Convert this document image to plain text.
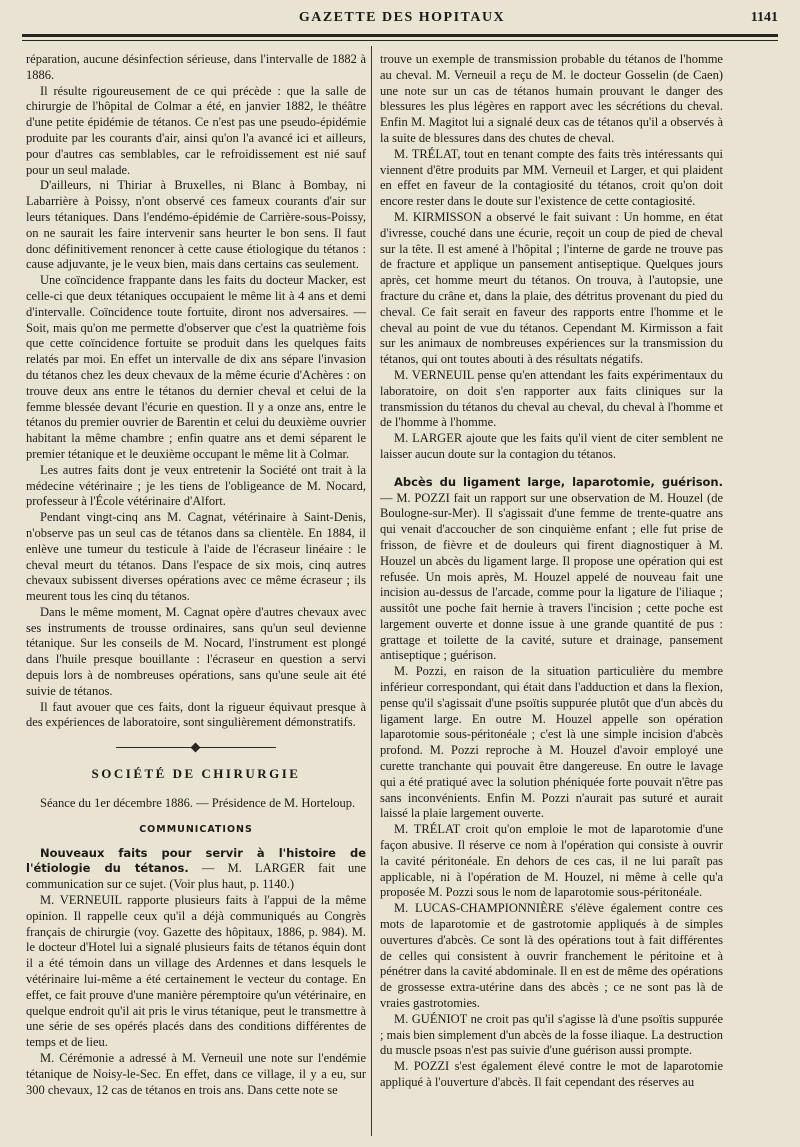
GAZETTE DES HOPITAUX	1141

réparation, aucune désinfection sérieuse, dans l'intervalle de 1882 à 1886.

Il résulte rigoureusement de ce qui précède : que la salle de chirurgie de l'hôpital de Colmar a été, en janvier 1882, le théâtre d'une petite épidémie de tétanos. Ce n'est pas une pseudo-épidémie produite par les courants d'air, ainsi qu'on l'a avancé ici et ailleurs, pour d'autres cas semblables, car le refroidissement est nié sauf pour un seul malade.

D'ailleurs, ni Thiriar à Bruxelles, ni Blanc à Bombay, ni Labarrière à Poissy, n'ont observé ces fameux courants d'air sur leurs tétaniques. Dans l'endémo-épidémie de Carrière-sous-Poissy, on ne saurait les faire intervenir sans heurter le bon sens. Il faut donc définitivement renoncer à cette cause étiologique du tétanos : cause adjuvante, je le veux bien, mais dans certains cas seulement.

Une coïncidence frappante dans les faits du docteur Macker, est celle-ci que deux tétaniques occupaient le même lit à 4 ans et demi d'intervalle. Coïncidence toute fortuite, diront nos adversaires. — Soit, mais qu'on me permette d'observer que c'est la quatrième fois que cette coïncidence fortuite se produit dans les quelques faits relatés par moi. En effet un intervalle de dix ans sépare l'invasion du tétanos chez les deux chevaux de la même écurie d'Achères : on trouve deux ans entre le tétanos du dernier cheval et celui de la femme blessée devant l'écurie en question. Il y a onze ans, entre le tétanos du premier ouvrier de Barentin et celui du deuxième ouvrier habitant la même chambre ; enfin quatre ans et demi séparent le premier tétanique et le deuxième occupant le même lit à Colmar.

Les autres faits dont je veux entretenir la Société ont trait à la médecine vétérinaire ; je les tiens de l'obligeance de M. Nocard, professeur à l'École vétérinaire d'Alfort.

Pendant vingt-cinq ans M. Cagnat, vétérinaire à Saint-Denis, n'observe pas un seul cas de tétanos dans sa clientèle. En 1884, il enlève une tumeur du testicule à l'aide de l'écraseur linéaire : le cheval meurt du tétanos. Dans l'espace de six mois, cinq autres chevaux subissent diverses opérations avec ce même écraseur ; ils meurent tous les cinq du tétanos.

Dans le même moment, M. Cagnat opère d'autres chevaux avec ses instruments de trousse ordinaires, sans qu'un seul devienne tétanique. Sur les conseils de M. Nocard, l'instrument est plongé dans l'huile presque bouillante : l'écraseur en question a servi depuis lors à de nombreuses opérations, sans qu'une seule ait été suivie de tétanos.

Il faut avouer que ces faits, dont la rigueur équivaut presque à des expériences de laboratoire, sont singulièrement démonstratifs.

SOCIÉTÉ DE CHIRURGIE

Séance du 1er décembre 1886. — Présidence de M. Horteloup.

COMMUNICATIONS

Nouveaux faits pour servir à l'histoire de l'étiologie du tétanos. — M. LARGER fait une communication sur ce sujet. (Voir plus haut, p. 1140.)

M. VERNEUIL rapporte plusieurs faits à l'appui de la même opinion. Il rappelle ceux qu'il a déjà communiqués au Congrès français de chirurgie (voy. Gazette des hôpitaux, 1886, p. 984). M. le docteur d'Hotel lui a signalé plusieurs faits de tétanos équin dont il a été témoin dans un village des Ardennes et dans lesquels le vétérinaire lui-même a été certainement le vecteur du contage. En effet, ce fait prouve d'une manière péremptoire qu'un vétérinaire, en quelque endroit qu'il ait pris le virus tétanique, peut le transmettre à une série de ses opérés placés dans des conditions différentes de temps et de lieu.

M. Cérémonie a adressé à M. Verneuil une note sur l'endémie tétanique de Noisy-le-Sec. En effet, dans ce village, il y a eu, sur 300 chevaux, 12 cas de tétanos en trois ans. Dans cette note se

trouve un exemple de transmission probable du tétanos de l'homme au cheval. M. Verneuil a reçu de M. le docteur Gosselin (de Caen) une note sur un cas de tétanos humain prouvant le danger des blessures les plus légères en rapport avec les sécrétions du cheval. Enfin M. Magitot lui a signalé deux cas de tétanos qu'il a observés à la suite de blessures dans des chutes de cheval.

M. TRÉLAT, tout en tenant compte des faits très intéressants qui viennent d'être produits par MM. Verneuil et Larger, et qui plaident en effet en faveur de la contagiosité du tétanos, croit qu'on doit encore rester dans le doute sur l'existence de cette contagiosité.

M. KIRMISSON a observé le fait suivant : Un homme, en état d'ivresse, couché dans une écurie, reçoit un coup de pied de cheval sur la tête. Il est amené à l'hôpital ; l'interne de garde ne trouve pas de fracture et applique un pansement antiseptique. Quelques jours après, cet homme meurt du tétanos. On trouva, à l'autopsie, une fracture du crâne et, dans la plaie, des détritus provenant du pied du cheval. Ce fait serait en faveur des rapports entre l'homme et le cheval au point de vue du tétanos. Cependant M. Kirmisson a fait sur les animaux de nombreuses expériences sur la transmission du tétanos, qui ont toutes abouti à des résultats négatifs.

M. VERNEUIL pense qu'en attendant les faits expérimentaux du laboratoire, on doit s'en rapporter aux faits cliniques sur la transmission du tétanos du cheval au cheval, du cheval à l'homme et de l'homme à l'homme.

M. LARGER ajoute que les faits qu'il vient de citer semblent ne laisser aucun doute sur la contagion du tétanos.

Abcès du ligament large, laparotomie, guérison. — M. POZZI fait un rapport sur une observation de M. Houzel (de Boulogne-sur-Mer). Il s'agissait d'une femme de trente-quatre ans qui venait d'accoucher de son cinquième enfant ; elle fut prise de frisson, de fièvre et de douleurs qui firent diagnostiquer à M. Houzel un abcès du ligament large. Il propose une opération qui est refusée. Un mois après, M. Houzel appelé de nouveau fait une incision au-dessus de l'arcade, comme pour la ligature de l'iliaque ; aussitôt une poche fait hernie à travers l'incision ; cette poche est largement ouverte et donne issue à une grande quantité de pus : grattage et toilette de la cavité, suture et drainage, pansement antiseptique ; guérison.

M. Pozzi, en raison de la situation particulière du membre inférieur correspondant, qui était dans l'adduction et dans la flexion, pense qu'il s'agissait d'une psoïtis suppurée plutôt que d'un abcès du ligament large. En outre M. Houzel appelle son opération laparotomie sous-péritonéale ; c'est là une simple incision d'abcès profond. M. Pozzi reproche à M. Houzel d'avoir employé une curette tranchante qui pouvait être dangereuse. En outre le lavage qui a été pratiqué avec la solution phéniquée forte pouvait n'être pas sans inconvénients. Enfin M. Pozzi n'aurait pas suturé et aurait laissé la plaie largement ouverte.

M. TRÉLAT croit qu'on emploie le mot de laparotomie d'une façon abusive. Il réserve ce nom à l'opération qui consiste à ouvrir la cavité péritonéale. En dehors de ces cas, il ne lui paraît pas applicable, ni à l'opération de M. Houzel, ni même à celle qu'a proposée M. Pozzi sous le nom de laparotomie sous-péritonéale.

M. LUCAS-CHAMPIONNIÈRE s'élève également contre ces mots de laparotomie et de gastrotomie appliqués à de simples ouvertures d'abcès. Ce sont là des opérations tout à fait différentes de celles qui consistent à ouvrir franchement le péritoine et à pénétrer dans la cavité abdominale. Il en est de même des opérations de grossesse extra-utérine dans des abcès ; ce ne sont pas là de vraies gastrotomies.

M. GUÉNIOT ne croit pas qu'il s'agisse là d'une psoïtis suppurée ; mais bien simplement d'un abcès de la fosse iliaque. La destruction du muscle psoas n'est pas suivie d'une guérison aussi prompte.

M. POZZI s'est également élevé contre le mot de laparotomie appliqué à l'ouverture d'abcès. Il fait cependant des réserves au
